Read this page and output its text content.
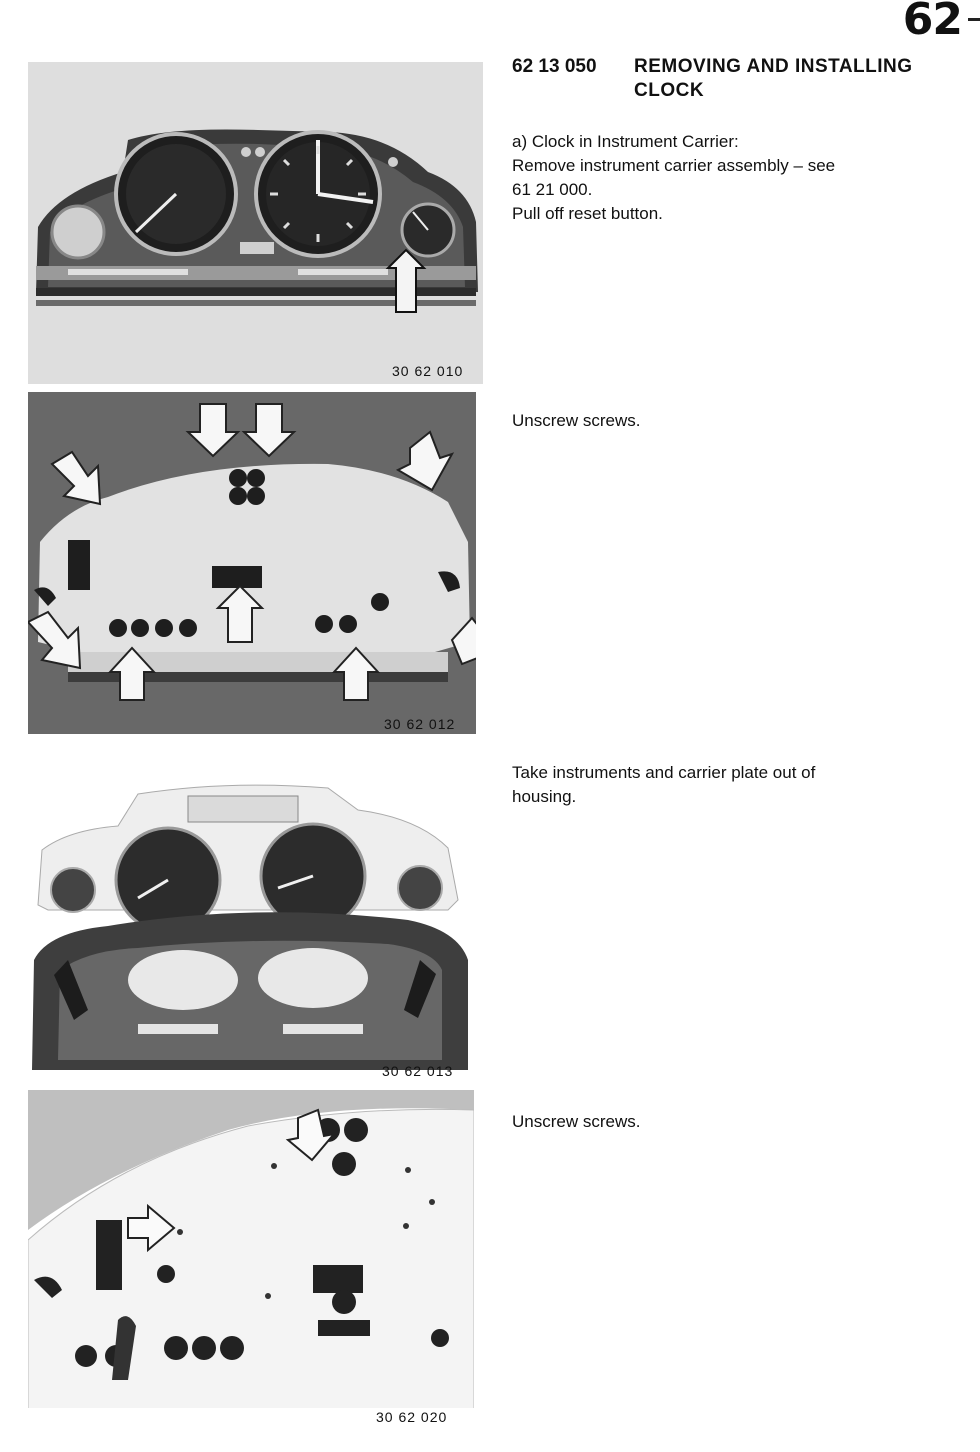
62
62 13 050 REMOVING AND INSTALLING CLOCK
a) Clock in Instrument Carrier:
Remove instrument carrier assembly – see
61 21 000.
Pull off reset button.
30 62 010
Unscrew screws.
30 62 012
Take instruments and carrier plate out of
housing.
30 62 013
Unscrew screws.
30 62 020
